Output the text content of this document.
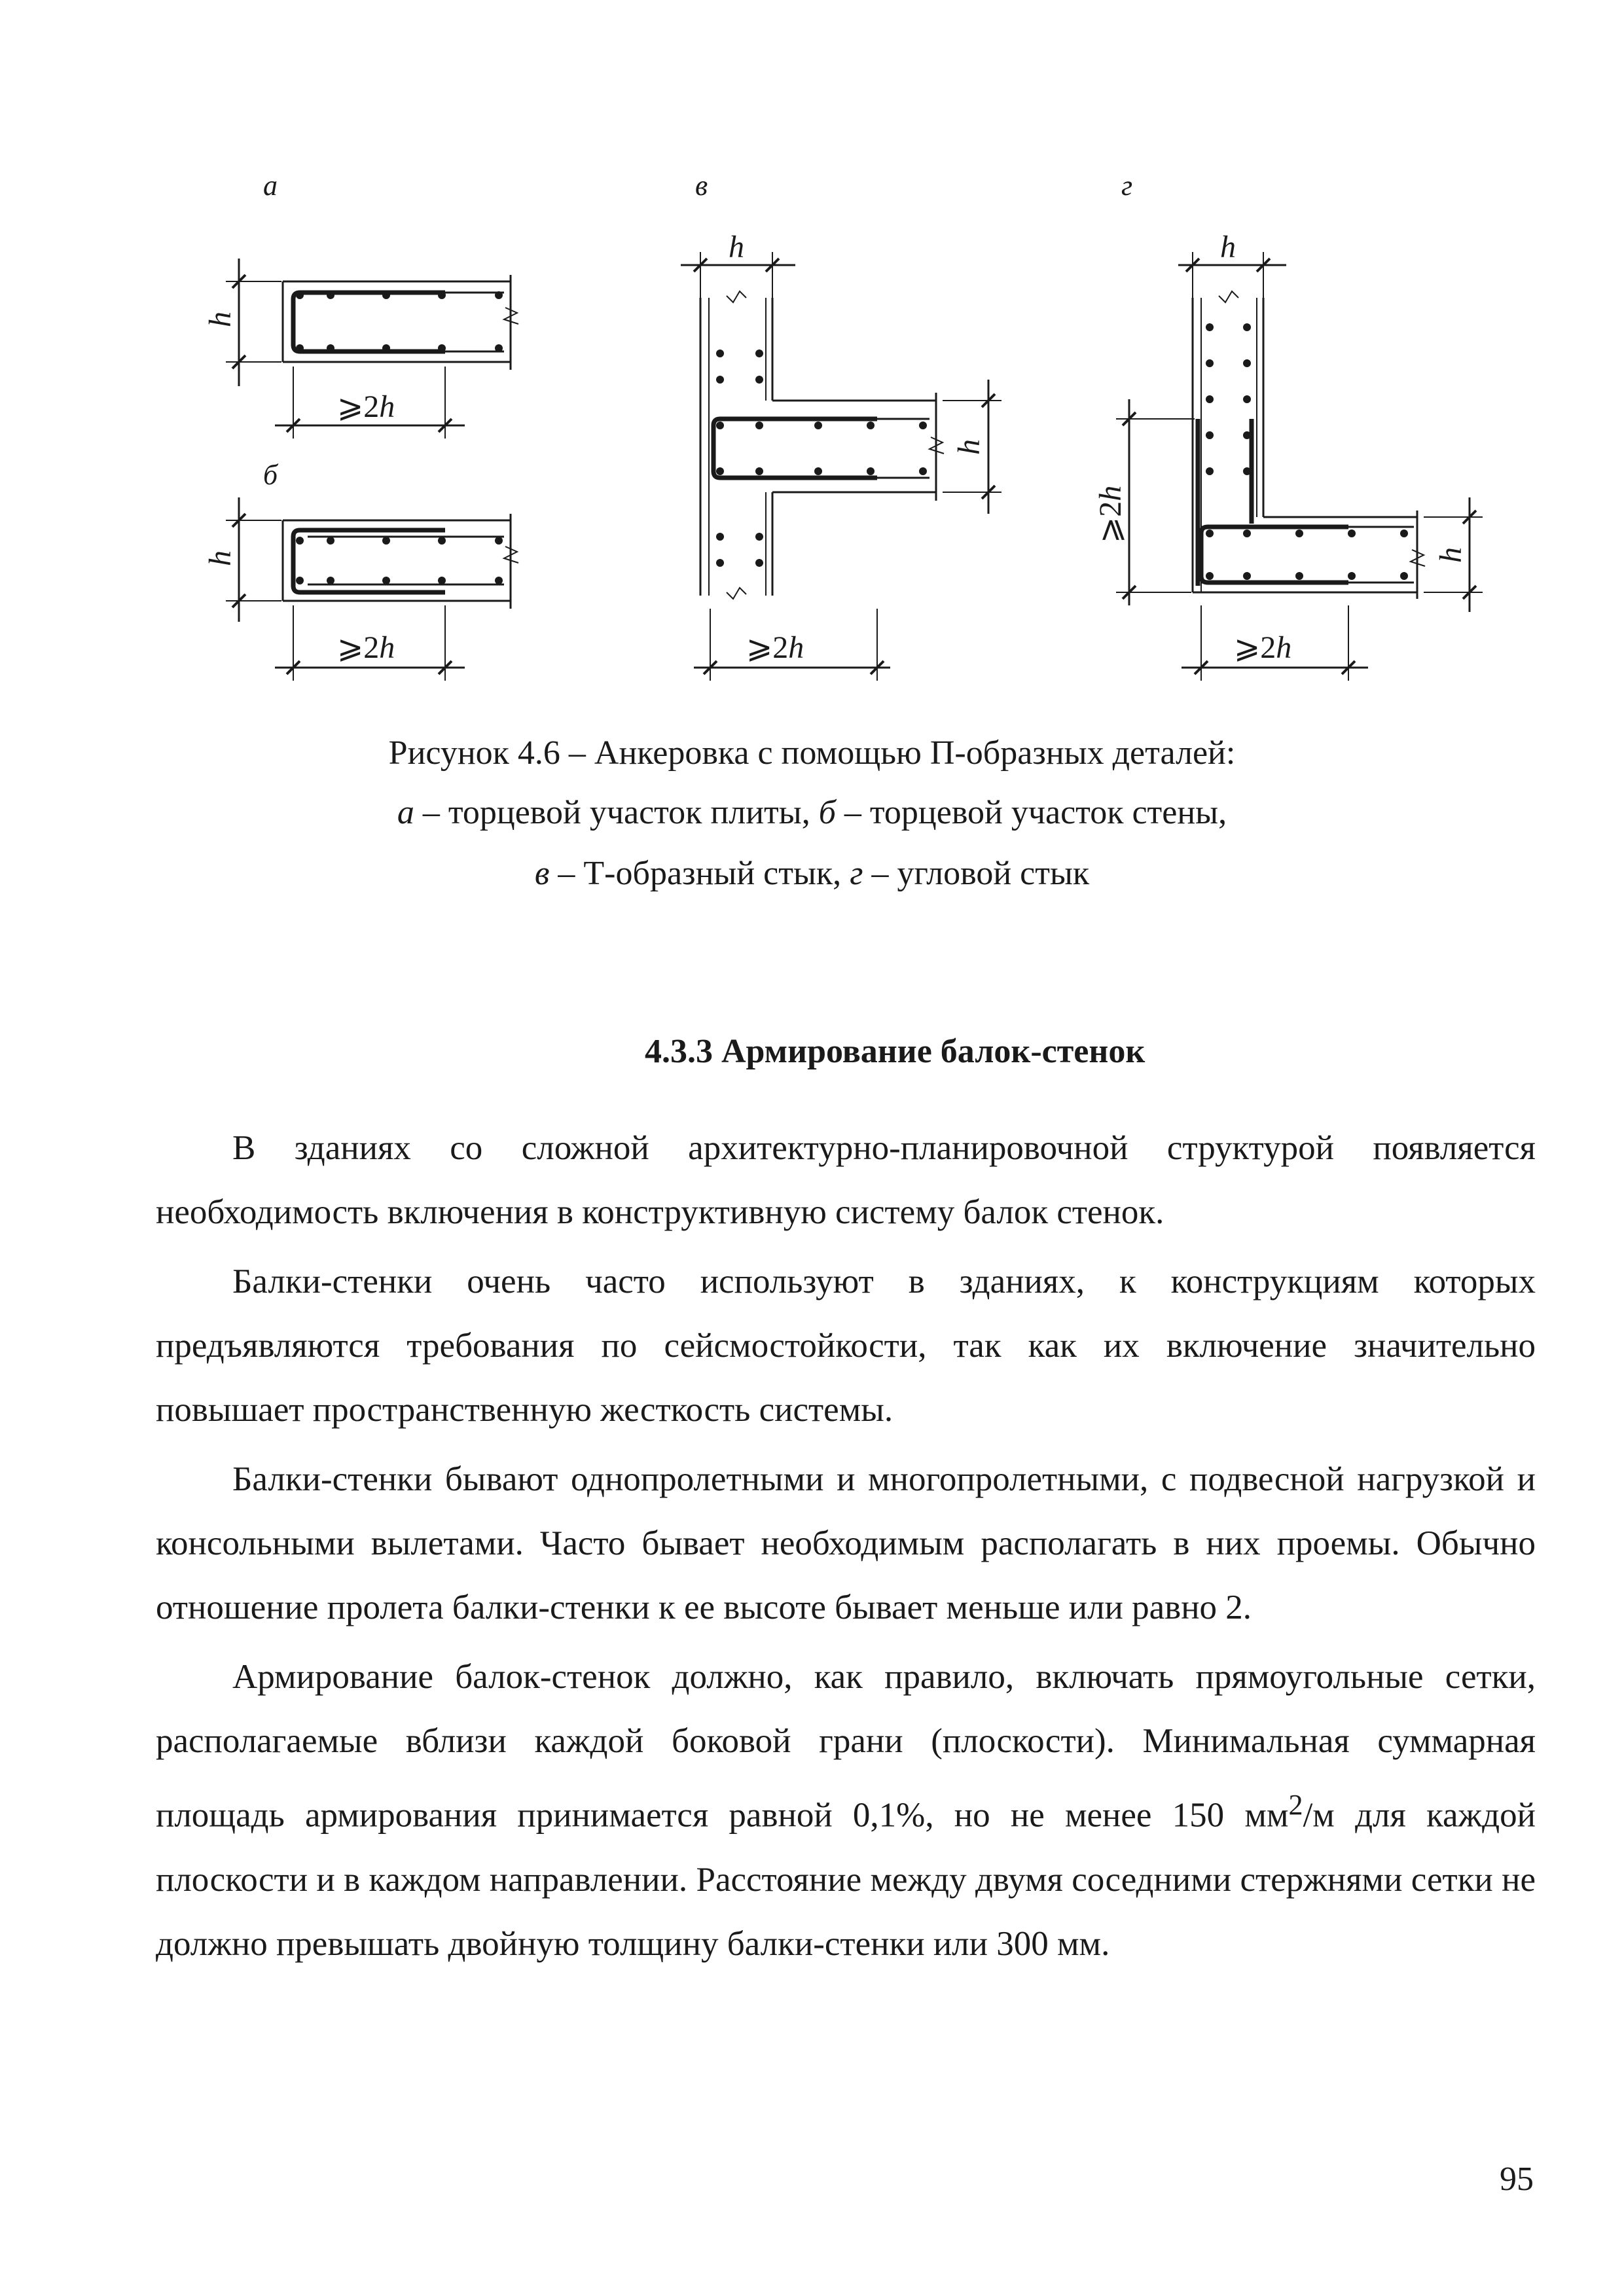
а	в	г
б
h
h
h
h
h
h
⩾2h
⩾2h	⩾2h	⩾2h
⩾2h
Рисунок 4.6 – Анкеровка с помощью П-образных деталей:
а – торцевой участок плиты, б – торцевой участок стены,
в – Т-образный стык, г – угловой стык
4.3.3 Армирование балок-стенок

В зданиях со сложной архитектурно-планировочной структурой появляется необходимость включения в конструктивную систему балок стенок.

Балки-стенки очень часто используют в зданиях, к конструкциям которых предъявляются требования по сейсмостойкости, так как их включение значительно повышает пространственную жесткость системы.

Балки-стенки бывают однопролетными и многопролетными, с подвесной нагрузкой и консольными вылетами. Часто бывает необходимым располагать в них проемы. Обычно отношение пролета балки-стенки к ее высоте бывает меньше или равно 2.

Армирование балок-стенок должно, как правило, включать прямоугольные сетки, располагаемые вблизи каждой боковой грани (плоскости). Минимальная суммарная площадь армирования принимается равной 0,1%, но не менее 150 $мм^2/м$ для каждой плоскости и в каждом направлении. Расстояние между двумя соседними стержнями сетки не должно превышать двойную толщину балки-стенки или 300 мм.

95
